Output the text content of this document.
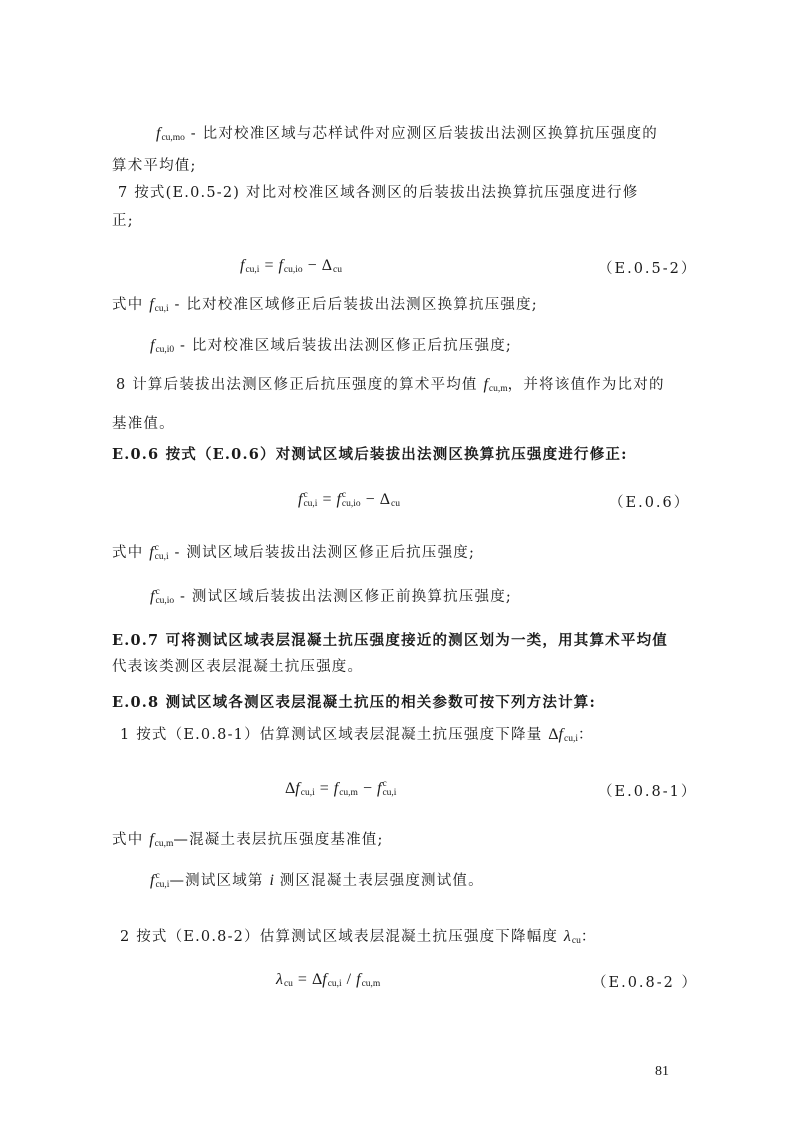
f cu,mo - 比对校准区域与芯样试件对应测区后装拔出法测区换算抗压强度的
算术平均值;
7 按式(E.0.5-2) 对比对校准区域各测区的后装拔出法换算抗压强度进行修
正;
f cu,i = f cu,io − Δ cu	（E.0.5-2）
式中 f cu,i - 比对校准区域修正后后装拔出法测区换算抗压强度;
f cu,i0 - 比对校准区域后装拔出法测区修正后抗压强度;
8 计算后装拔出法测区修正后抗压强度的算术平均值 f cu,m ，并将该值作为比对的
基准值。
E.0.6 按式（E.0.6）对测试区域后装拔出法测区换算抗压强度进行修正:
f c
cu,i = f c
cu,io − Δ cu	（E.0.6）
式中 f c
cu,i - 测试区域后装拔出法测区修正后抗压强度;
f c
cu,io - 测试区域后装拔出法测区修正前换算抗压强度;
E.0.7 可将测试区域表层混凝土抗压强度接近的测区划为一类，用其算术平均值
代表该类测区表层混凝土抗压强度。
E.0.8 测试区域各测区表层混凝土抗压的相关参数可按下列方法计算:
1 按式（E.0.8-1）估算测试区域表层混凝土抗压强度下降量 Δf cu,i ：
Δf cu,i = f cu,m − f c
cu,i	（E.0.8-1）
式中 f cu,m —混凝土表层抗压强度基准值;
f c
cu,i —测试区域第 i 测区混凝土表层强度测试值。
2 按式（E.0.8-2）估算测试区域表层混凝土抗压强度下降幅度 λ cu ：
λ cu = Δf cu,i / f cu,m	（E.0.8-2 ）
81
